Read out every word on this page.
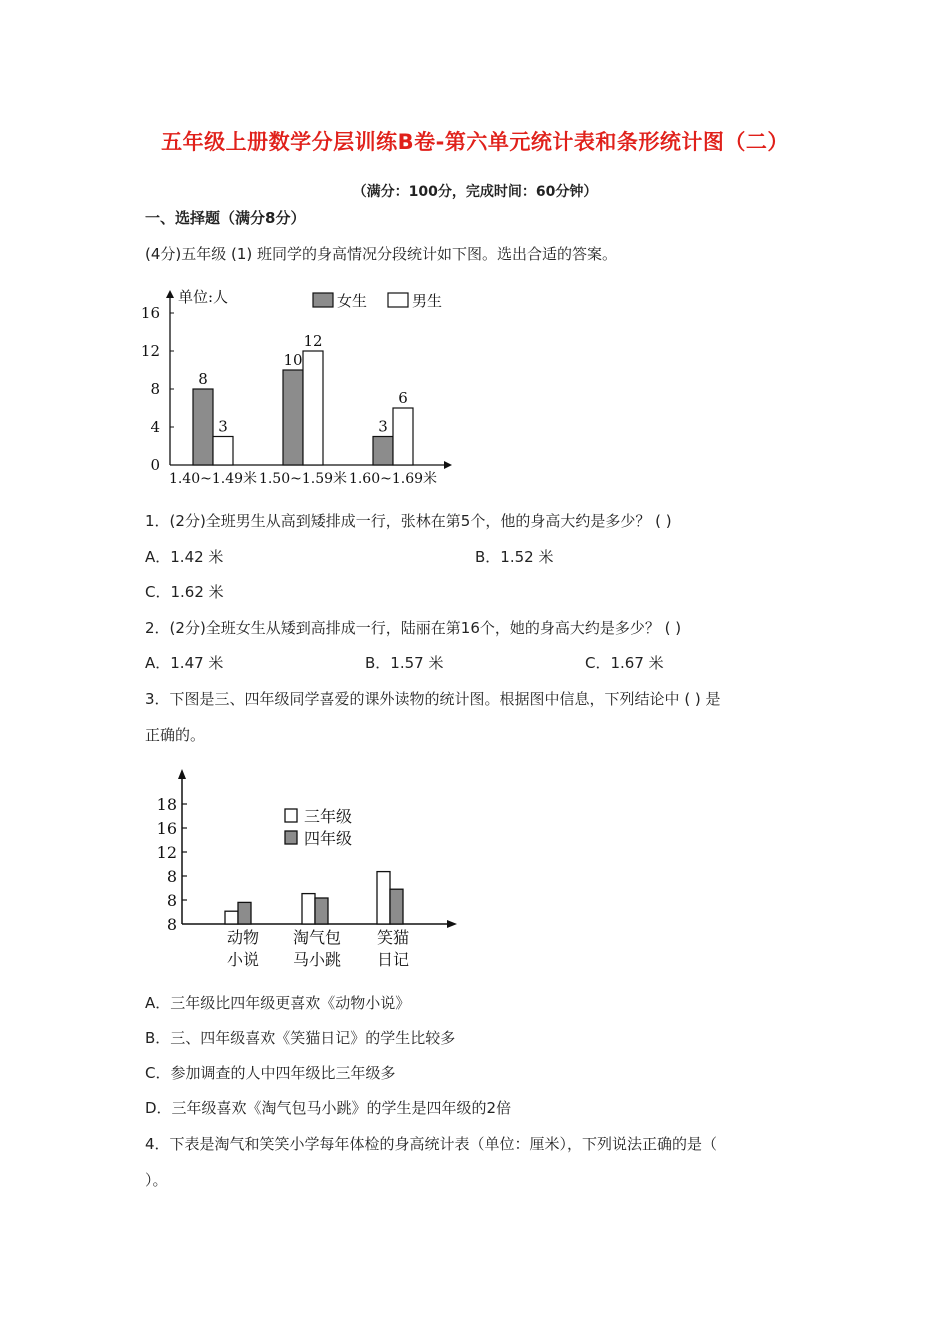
五年级上册数学分层训练B卷-第六单元统计表和条形统计图（二）
（满分：100分，完成时间：60分钟）
一、选择题（满分8分）
(4分)五年级 (1) 班同学的身高情况分段统计如下图。选出合适的答案。
单位:人
0
4
8
12
16
1.40~1.49米
8
3
1.50~1.59米
10
12
1.60~1.69米
3
6
女生	男生
1．(2分)全班男生从高到矮排成一行，张林在第5个，他的身高大约是多少？ ( )
A．1.42 米	B．1.52 米
C．1.62 米
2．(2分)全班女生从矮到高排成一行，陆丽在第16个，她的身高大约是多少？ ( )
A．1.47 米	B．1.57 米	C．1.67 米
3．下图是三、四年级同学喜爱的课外读物的统计图。根据图中信息，下列结论中 ( ) 是
正确的。
8
8
8
12
16
18
动物
小说
淘气包
马小跳
笑猫
日记
三年级
四年级
A．三年级比四年级更喜欢《动物小说》
B．三、四年级喜欢《笑猫日记》的学生比较多
C．参加调查的人中四年级比三年级多
D．三年级喜欢《淘气包马小跳》的学生是四年级的2倍
4．下表是淘气和笑笑小学每年体检的身高统计表（单位：厘米），下列说法正确的是（
）。
